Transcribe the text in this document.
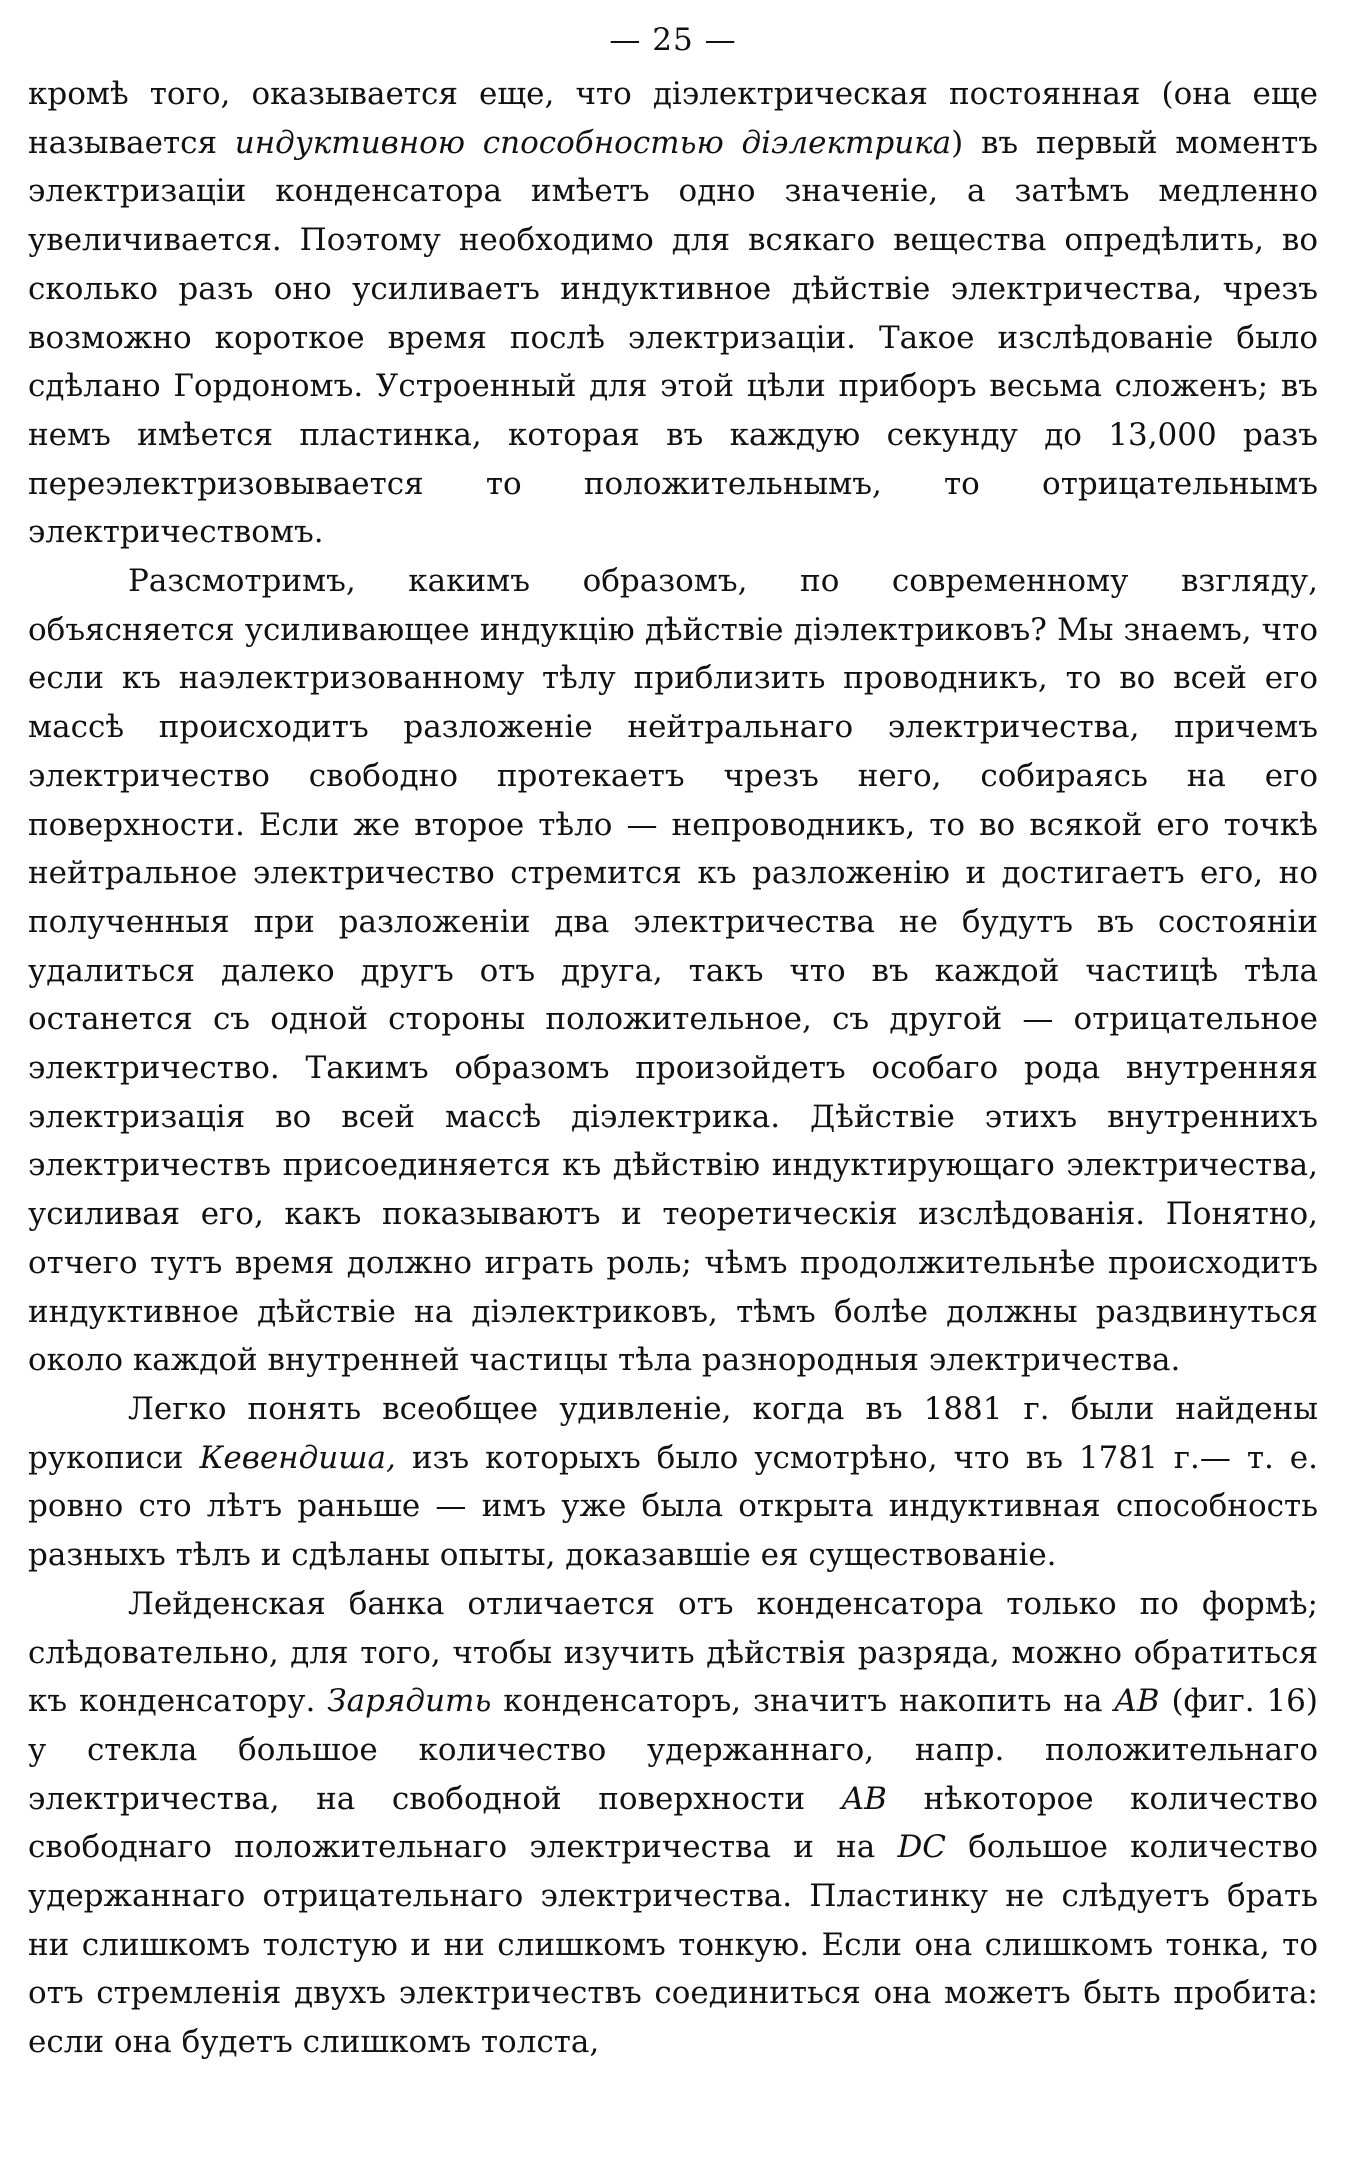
— 25 —

кромѣ того, оказывается еще, что діэлектрическая постоянная (она еще называется индуктивною способностью діэлектрика) въ первый моментъ электризаціи конденсатора имѣетъ одно значеніе, а затѣмъ медленно увеличивается. Поэтому необходимо для всякаго вещества опредѣлить, во сколько разъ оно усиливаетъ индуктивное дѣйствіе электричества, чрезъ возможно короткое время послѣ электризаціи. Такое изслѣдованіе было сдѣлано Гордономъ. Устроенный для этой цѣли приборъ весьма сложенъ; въ немъ имѣется пластинка, которая въ каждую секунду до 13,000 разъ переэлектризовывается то положительнымъ, то отрицательнымъ электричествомъ.

Разсмотримъ, какимъ образомъ, по современному взгляду, объясняется усиливающее индукцію дѣйствіе діэлектриковъ? Мы знаемъ, что если къ наэлектризованному тѣлу приблизить проводникъ, то во всей его массѣ происходитъ разложеніе нейтральнаго электричества, причемъ электричество свободно протекаетъ чрезъ него, собираясь на его поверхности. Если же второе тѣло — непроводникъ, то во всякой его точкѣ нейтральное электричество стремится къ разложенію и достигаетъ его, но полученныя при разложеніи два электричества не будутъ въ состояніи удалиться далеко другъ отъ друга, такъ что въ каждой частицѣ тѣла останется съ одной стороны положительное, съ другой — отрицательное электричество. Такимъ образомъ произойдетъ особаго рода внутренняя электризація во всей массѣ діэлектрика. Дѣйствіе этихъ внутреннихъ электричествъ присоединяется къ дѣйствію индуктирующаго электричества, усиливая его, какъ показываютъ и теоретическія изслѣдованія. Понятно, отчего тутъ время должно играть роль; чѣмъ продолжительнѣе происходитъ индуктивное дѣйствіе на діэлектриковъ, тѣмъ болѣе должны раздвинуться около каждой внутренней частицы тѣла разнородныя электричества.

Легко понять всеобщее удивленіе, когда въ 1881 г. были найдены рукописи Кевендиша, изъ которыхъ было усмотрѣно, что въ 1781 г.— т. е. ровно сто лѣтъ раньше — имъ уже была открыта индуктивная способность разныхъ тѣлъ и сдѣланы опыты, доказавшіе ея существованіе.

Лейденская банка отличается отъ конденсатора только по формѣ; слѣдовательно, для того, чтобы изучить дѣйствія разряда, можно обратиться къ конденсатору. Зарядить конденсаторъ, значитъ накопить на AB (фиг. 16) у стекла большое количество удержаннаго, напр. положительнаго электричества, на свободной поверхности AB нѣкоторое количество свободнаго положительнаго электричества и на DC большое количество удержаннаго отрицательнаго электричества. Пластинку не слѣдуетъ брать ни слишкомъ толстую и ни слишкомъ тонкую. Если она слишкомъ тонка, то отъ стремленія двухъ электричествъ соединиться она можетъ быть пробита: если она будетъ слишкомъ толста,
